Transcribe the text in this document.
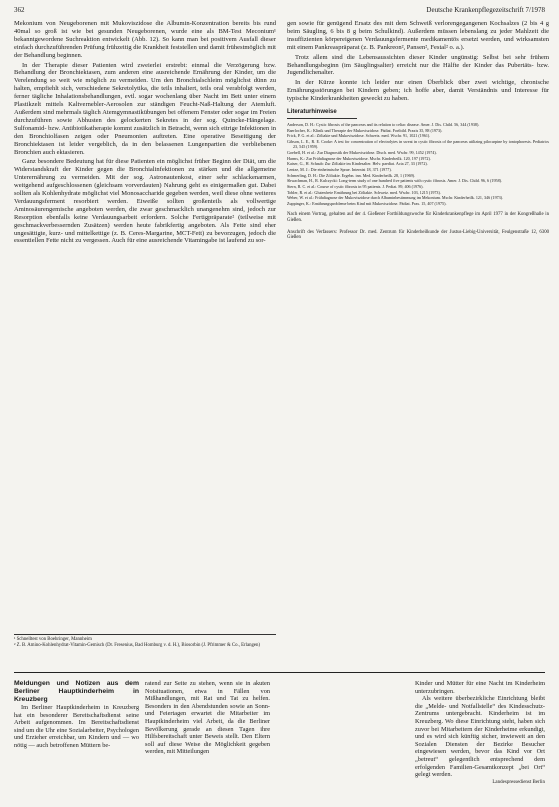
362	Deutsche Krankenpflegezeitschrift 7/1978

Mekonium von Neugeborenen mit Mukoviszidose die Albumin-Konzentration bereits bis rund 40mal so groß ist wie bei gesunden Neugeborenen, wurde eine als BM-Test Meconium¹ bekanntgewordene Suchreaktion entwickelt (Abb. 12). So kann man bei positivem Ausfall dieser einfach durchzuführenden Prüfung frühzeitig die Krankheit feststellen und damit frühestmöglich mit der Behandlung beginnen.

In der Therapie dieser Patienten wird zweierlei erstrebt: einmal die Verzögerung bzw. Behandlung der Bronchiektasen, zum anderen eine ausreichende Ernährung der Kinder, um die Verelendung so weit wie möglich zu vermeiden. Um den Bronchialschleim möglichst dünn zu halten, empfiehlt sich, verschiedene Sekretolytika, die teils inhaliert, teils oral verabfolgt werden, ferner tägliche Inhalationsbehandlungen, evtl. sogar wochenlang über Nacht im Bett unter einem Plastikzelt mittels Kaltvernebler-Aerosolen zur ständigen Feucht-Naß-Haltung der Atemluft. Außerdem sind mehrmals täglich Atemgymnastikübungen bei offenem Fenster oder sogar im Freien durchzuführen sowie Abhusten des gelockerten Sekretes in der sog. Quincke-Hängelage. Sulfonamid- bzw. Antibiotikatherapie kommt zusätzlich in Betracht, wenn sich eitrige Infektionen in den Bronchiolfasen zeigen oder Pneumonien auftreten. Eine operative Beseitigung der Bronchiektasen ist leider vergeblich, da in den belassenen Lungenpartien die verbliebenen Bronchien auch ektasieren.

Ganz besondere Bedeutung hat für diese Patienten ein möglichst früher Beginn der Diät, um die Widerstandskraft der Kinder gegen die Bronchialinfektionen zu stärken und die allgemeine Unterernährung zu vermeiden. Mit der sog. Astronautenkost, einer sehr schlackenarmen, weitgehend aufgeschlossenen (gleichsam vorverdauten) Nahrung geht es einigermaßen gut. Dabei sollten als Kohlenhydrate möglichst viel Monosaccharide gegeben werden, weil diese ohne weiteres Verdauungsferment resorbiert werden. Eiweiße sollten großenteils als vollwertige Aminosäurengemische angeboten werden, die zwar geschmacklich unangenehm sind, jedoch zur Resorption ebenfalls keine Verdauungsarbeit erfordern. Solche Fertigpräparate² (teilweise mit geschmackverbessernden Zusätzen) werden heute fabrikfertig angeboten. Als Fette sind eher ungesättigte, kurz- und mittelkettige (z. B. Ceres-Margarine, MCT-Fett) zu bevorzugen, jedoch die essentiellen Fette nicht zu vergessen. Auch für eine ausreichende Vitamingabe ist laufend zu sor-

¹ Schnelltest von Boehringer, Mannheim
² Z. B. Amino-Kohlenhydrat-Vitamin-Gemisch (Dr. Fresenius, Bad Homburg v. d. H.), Biosorbin (J. Pfrimmer & Co., Erlangen)

gen sowie für genügend Ersatz des mit dem Schweiß verlorengegangenen Kochsalzes (2 bis 4 g beim Säugling, 6 bis 8 g beim Schulkind). Außerdem müssen lebenslang zu jeder Mahlzeit die insuffizienten körpereigenen Verdauungsfermente medikamentös ersetzt werden, und wirksamsten mit einem Pankreaspräparat (z. B. Pankreon², Pansen², Festal² o. a.).

Trotz allem sind die Lebensaussichten dieser Kinder ungünstig: Selbst bei sehr frühem Behandlungsbeginn (im Säuglingsalter) erreicht nur die Hälfte der Kinder das Pubertäts- bzw. Jugendlichenalter.

In der Kürze konnte ich leider nur einen Überblick über zwei wichtige, chronische Ernährungsstörungen bei Kindern geben; ich hoffe aber, damit Verständnis und Interesse für typische Kinderkrankheiten geweckt zu haben.

Literaturhinweise
Anderson, D. H.: Cystic fibrosis of the pancreas and its relation to celiac disease. Amer. J. Dis. Child. 56, 344 (1938).
Baerlocher, K.: Klinik und Therapie der Mukoviszidose. Pädiat. Fortbild. Praxis 35, 88 (1973).
Frick, P. G. et al.: Zöliakie und Mukoviszidose. Schweiz. med. Wschr. 91, 1021 (1961).
Gibson, L. E., R. E. Cooke: A test for concentration of electrolytes in sweat in cystic fibrosis of the pancreas utilizing pilocarpine by iontophoresis. Pediatrics 23, 545 (1959).
Goebell, H. et al.: Zur Diagnostik der Mukoviszidose. Dtsch. med. Wschr. 99, 1452 (1974).
Harms, K.: Zur Frühdiagnose der Mukoviszidose. Mschr. Kinderheilk. 120, 197 (1972).
Kaiser, G., H. Schaub: Zur Zöliakie im Kindesalter. Helv. paediat. Acta 27, 33 (1972).
Lentze, M. J.: Die einheimische Sprue. Internist 18, 371 (1977).
Schmerling, D. H.: Die Zöliakie. Ergebn. inn. Med. Kinderheilk. 28, 1 (1969).
Shwachman, H., R. Kulczycki: Long-term study of one hundred five patients with cystic fibrosis. Amer. J. Dis. Child. 96, 6 (1958).
Stern, R. C. et al.: Course of cystic fibrosis in 95 patients. J. Pediat. 89, 406 (1976).
Tobler, R. et al.: Glutenfreie Ernährung bei Zöliakie. Schweiz. med. Wschr. 103, 1215 (1973).
Weber, W. et al.: Frühdiagnose der Mukoviszidose durch Albuminbestimmung im Mekonium. Mschr. Kinderheilk. 121, 346 (1973).
Zuppinger, K.: Ernährungsprobleme beim Kind mit Mukoviszidose. Pädiat. Prax. 15, 407 (1975).
Nach einem Vortrag, gehalten auf der 4. Gießener Fortbildungswoche für Kinderkrankenpflege im April 1977 in der Kongreßhalle in Gießen.
Anschrift des Verfassers: Professor Dr. med. Zentrum für Kinderheilkunde der Justus-Liebig-Universität, Feulgenstraße 12, 6300 Gießen

Meldungen und Notizen aus dem Berliner Hauptkinderheim in Kreuzberg

Im Berliner Hauptkinderheim in Kreuzberg hat ein besonderer Bereitschaftsdienst seine Arbeit aufgenommen. Im Bereitschaftsdienst sind um die Uhr eine Sozialarbeiter, Psychologen und Erzieher erreichbar, um Kindern und — wo nötig — auch betroffenen Müttern be-

ratend zur Seite zu stehen, wenn sie in akuten Notsituationen, etwa in Fällen von Mißhandlungen, mit Rat und Tat zu helfen. Besonders in den Abendstunden sowie an Sonn- und Feiertagen erwartet die Mitarbeiter im Hauptkinderheim viel Arbeit, da die Berliner Bevölkerung gerade an diesen Tagen ihre Hilfsbereitschaft unter Beweis stellt. Den Eltern soll auf diese Weise die Möglichkeit gegeben werden, mit Mitteilungen

Kinder und Mütter für eine Nacht im Kinderheim unterzubringen.

Als weitere überbezirkliche Einrichtung bleibt die „Melde- und Notfallstelle“ des Kindesschutz-Zentrums untergebracht. Kinderheim ist im Kreuzberg. Wo diese Einrichtung steht, haben sich zuvor bei Mitarbeitern der Kinderheime erkundigt, und es wird sich künftig sicher, inwieweit an den Sozialen Diensten der Bezirke Besucher eingewiesen werden, bevor das Kind vor Ort „betreut“ gelegentlich entsprechend dem erfolgenden Familien-Gesamtkonzept „bei Ort“ gelegt werden.

Landespressedienst Berlin
